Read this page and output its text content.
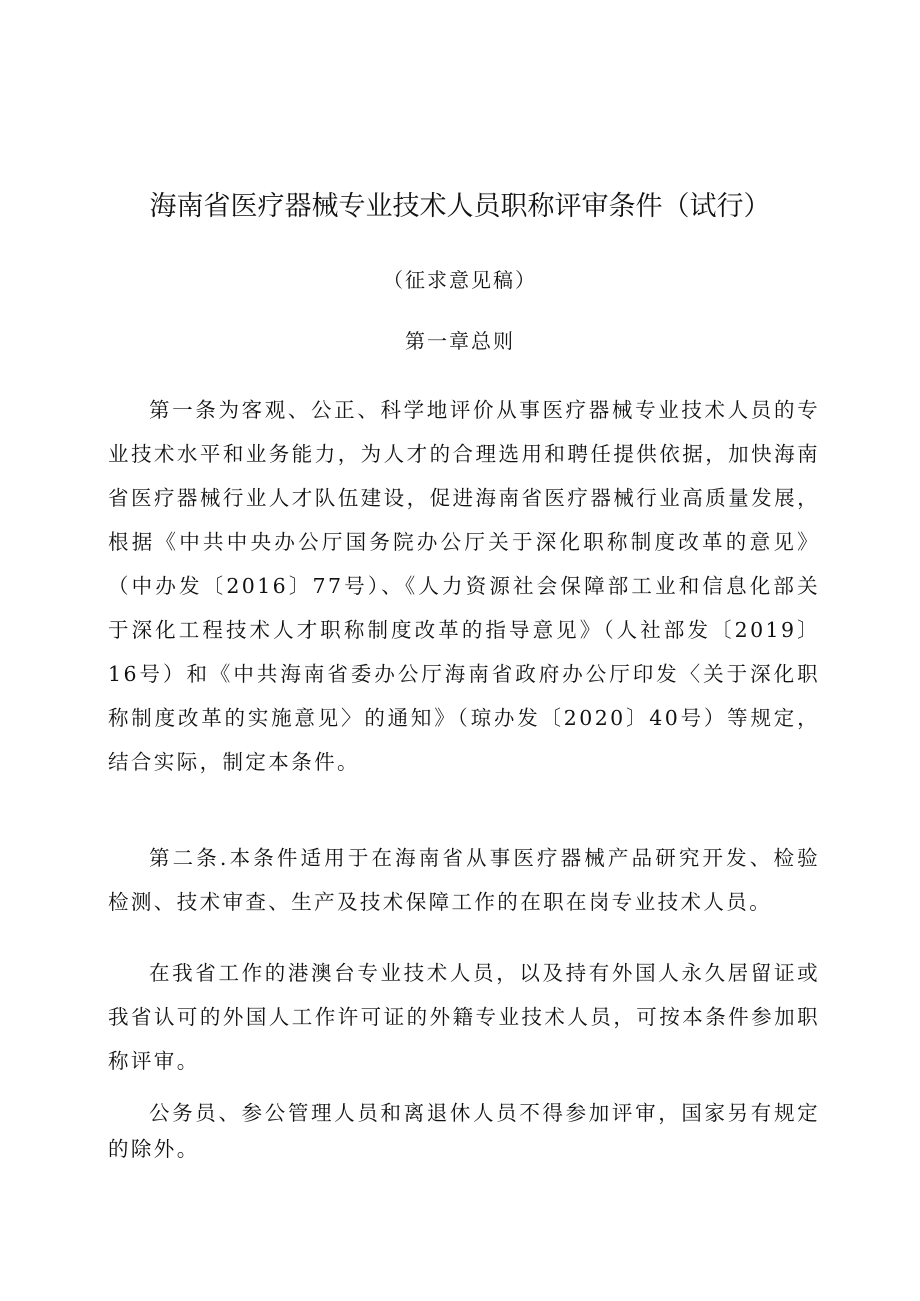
海南省医疗器械专业技术人员职称评审条件（试行）
（征求意见稿）
第一章总则

第一条为客观、公正、科学地评价从事医疗器械专业技术人员的专业技术水平和业务能力，为人才的合理选用和聘任提供依据，加快海南省医疗器械行业人才队伍建设，促进海南省医疗器械行业高质量发展，根据《中共中央办公厅国务院办公厅关于深化职称制度改革的意见》（中办发〔2016〕77号）、《人力资源社会保障部工业和信息化部关于深化工程技术人才职称制度改革的指导意见》（人社部发〔2019〕16号）和《中共海南省委办公厅海南省政府办公厅印发〈关于深化职称制度改革的实施意见〉的通知》（琼办发〔2020〕40号）等规定，结合实际，制定本条件。

第二条.本条件适用于在海南省从事医疗器械产品研究开发、检验检测、技术审查、生产及技术保障工作的在职在岗专业技术人员。

在我省工作的港澳台专业技术人员，以及持有外国人永久居留证或我省认可的外国人工作许可证的外籍专业技术人员，可按本条件参加职称评审。

公务员、参公管理人员和离退休人员不得参加评审，国家另有规定的除外。
